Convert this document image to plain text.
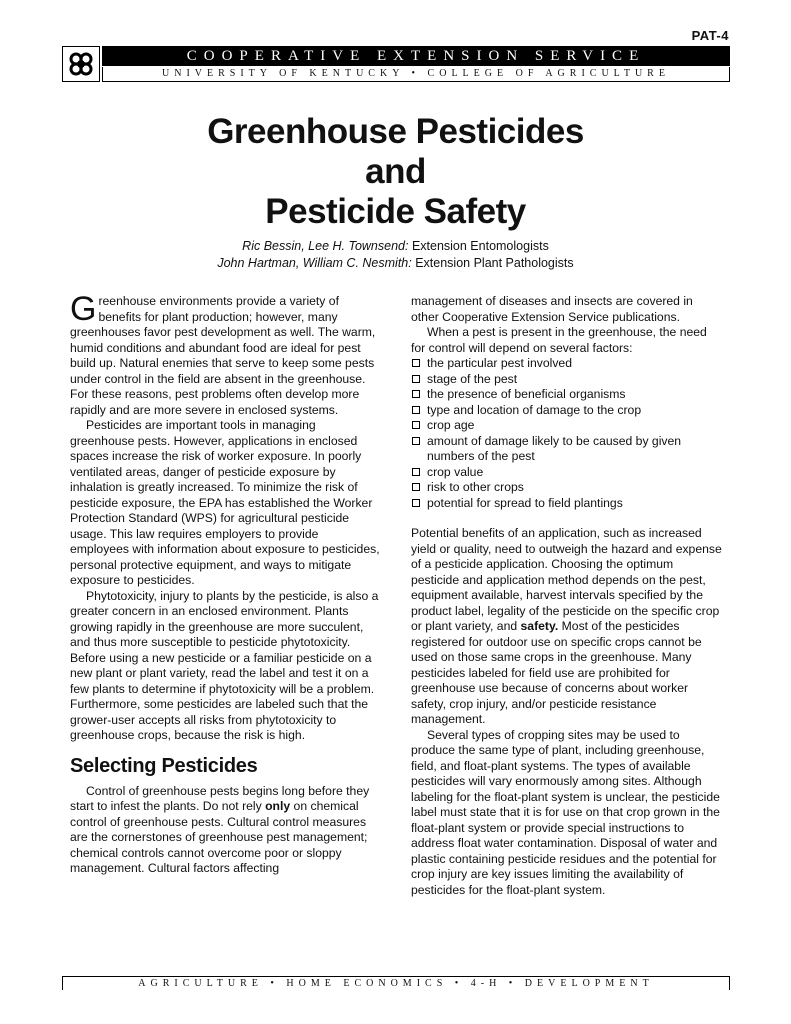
PAT-4
COOPERATIVE EXTENSION SERVICE
UNIVERSITY OF KENTUCKY • COLLEGE OF AGRICULTURE
Greenhouse Pesticides
and
Pesticide Safety
Ric Bessin, Lee H. Townsend: Extension Entomologists
John Hartman, William C. Nesmith: Extension Plant Pathologists

Greenhouse environments provide a variety of benefits for plant production; however, many greenhouses favor pest development as well. The warm, humid conditions and abundant food are ideal for pest build up. Natural enemies that serve to keep some pests under control in the field are absent in the greenhouse. For these reasons, pest problems often develop more rapidly and are more severe in enclosed systems.

Pesticides are important tools in managing greenhouse pests. However, applications in enclosed spaces increase the risk of worker exposure. In poorly ventilated areas, danger of pesticide exposure by inhalation is greatly increased. To minimize the risk of pesticide exposure, the EPA has established the Worker Protection Standard (WPS) for agricultural pesticide usage. This law requires employers to provide employees with information about exposure to pesticides, personal protective equipment, and ways to mitigate exposure to pesticides.

Phytotoxicity, injury to plants by the pesticide, is also a greater concern in an enclosed environment. Plants growing rapidly in the greenhouse are more succulent, and thus more susceptible to pesticide phytotoxicity. Before using a new pesticide or a familiar pesticide on a new plant or plant variety, read the label and test it on a few plants to determine if phytotoxicity will be a problem. Furthermore, some pesticides are labeled such that the grower-user accepts all risks from phytotoxicity to greenhouse crops, because the risk is high.

Selecting Pesticides

Control of greenhouse pests begins long before they start to infest the plants. Do not rely only on chemical control of greenhouse pests. Cultural control measures are the cornerstones of greenhouse pest management; chemical controls cannot overcome poor or sloppy management. Cultural factors affecting

management of diseases and insects are covered in other Cooperative Extension Service publications.

When a pest is present in the greenhouse, the need for control will depend on several factors:

the particular pest involved
stage of the pest
the presence of beneficial organisms
type and location of damage to the crop
crop age
amount of damage likely to be caused by given numbers of the pest
crop value
risk to other crops
potential for spread to field plantings

Potential benefits of an application, such as increased yield or quality, need to outweigh the hazard and expense of a pesticide application. Choosing the optimum pesticide and application method depends on the pest, equipment available, harvest intervals specified by the product label, legality of the pesticide on the specific crop or plant variety, and safety. Most of the pesticides registered for outdoor use on specific crops cannot be used on those same crops in the greenhouse. Many pesticides labeled for field use are prohibited for greenhouse use because of concerns about worker safety, crop injury, and/or pesticide resistance management.

Several types of cropping sites may be used to produce the same type of plant, including greenhouse, field, and float-plant systems. The types of available pesticides will vary enormously among sites. Although labeling for the float-plant system is unclear, the pesticide label must state that it is for use on that crop grown in the float-plant system or provide special instructions to address float water contamination. Disposal of water and plastic containing pesticide residues and the potential for crop injury are key issues limiting the availability of pesticides for the float-plant system.

AGRICULTURE • HOME ECONOMICS • 4-H • DEVELOPMENT
